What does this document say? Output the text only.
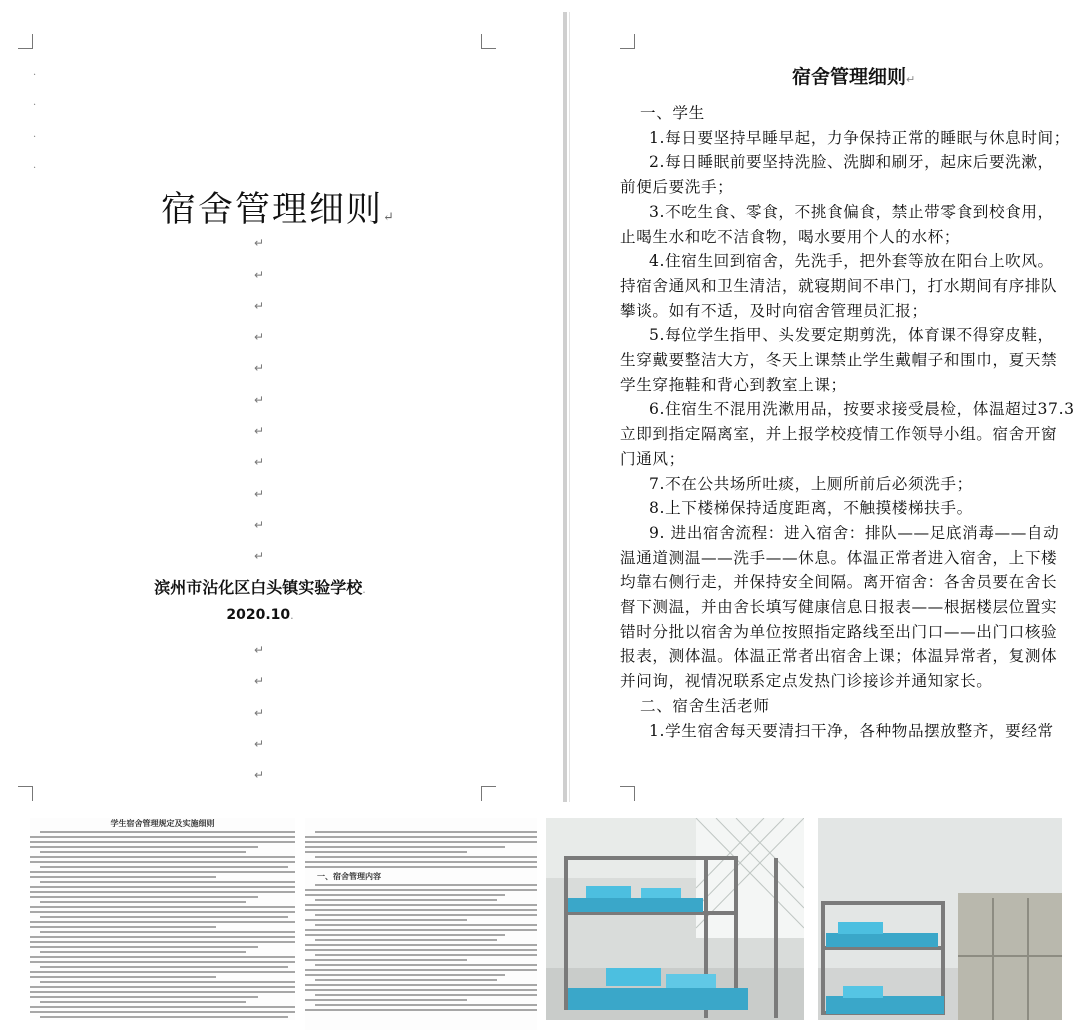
·
·
·
·
宿舍管理细则↵
↵
↵
↵
↵
↵
↵
↵
↵
↵
↵
↵
↵
↵
↵
↵
↵
滨州市沾化区白头镇实验学校.
2020.10.
宿舍管理细则↵
一、学生
1.每日要坚持早睡早起，力争保持正常的睡眠与休息时间；
2.每日睡眠前要坚持洗脸、洗脚和刷牙，起床后要洗漱，
前便后要洗手；
3.不吃生食、零食，不挑食偏食，禁止带零食到校食用，
止喝生水和吃不洁食物，喝水要用个人的水杯；
4.住宿生回到宿舍，先洗手，把外套等放在阳台上吹风。
持宿舍通风和卫生清洁，就寝期间不串门，打水期间有序排队
攀谈。如有不适，及时向宿舍管理员汇报；
5.每位学生指甲、头发要定期剪洗，体育课不得穿皮鞋，
生穿戴要整洁大方，冬天上课禁止学生戴帽子和围巾，夏天禁
学生穿拖鞋和背心到教室上课；
6.住宿生不混用洗漱用品，按要求接受晨检，体温超过37.3
立即到指定隔离室，并上报学校疫情工作领导小组。宿舍开窗
门通风；
7.不在公共场所吐痰，上厕所前后必须洗手；
8.上下楼梯保持适度距离，不触摸楼梯扶手。
9. 进出宿舍流程：进入宿舍：排队——足底消毒——自动
温通道测温——洗手——休息。体温正常者进入宿舍，上下楼
均靠右侧行走，并保持安全间隔。离开宿舍：各舍员要在舍长
督下测温，并由舍长填写健康信息日报表——根据楼层位置实
错时分批以宿舍为单位按照指定路线至出门口——出门口核验
报表，测体温。体温正常者出宿舍上课；体温异常者，复测体
并问询，视情况联系定点发热门诊接诊并通知家长。
二、宿舍生活老师
1.学生宿舍每天要清扫干净，各种物品摆放整齐，要经常
学生宿舍管理规定及实施细则
一、宿舍管理内容
